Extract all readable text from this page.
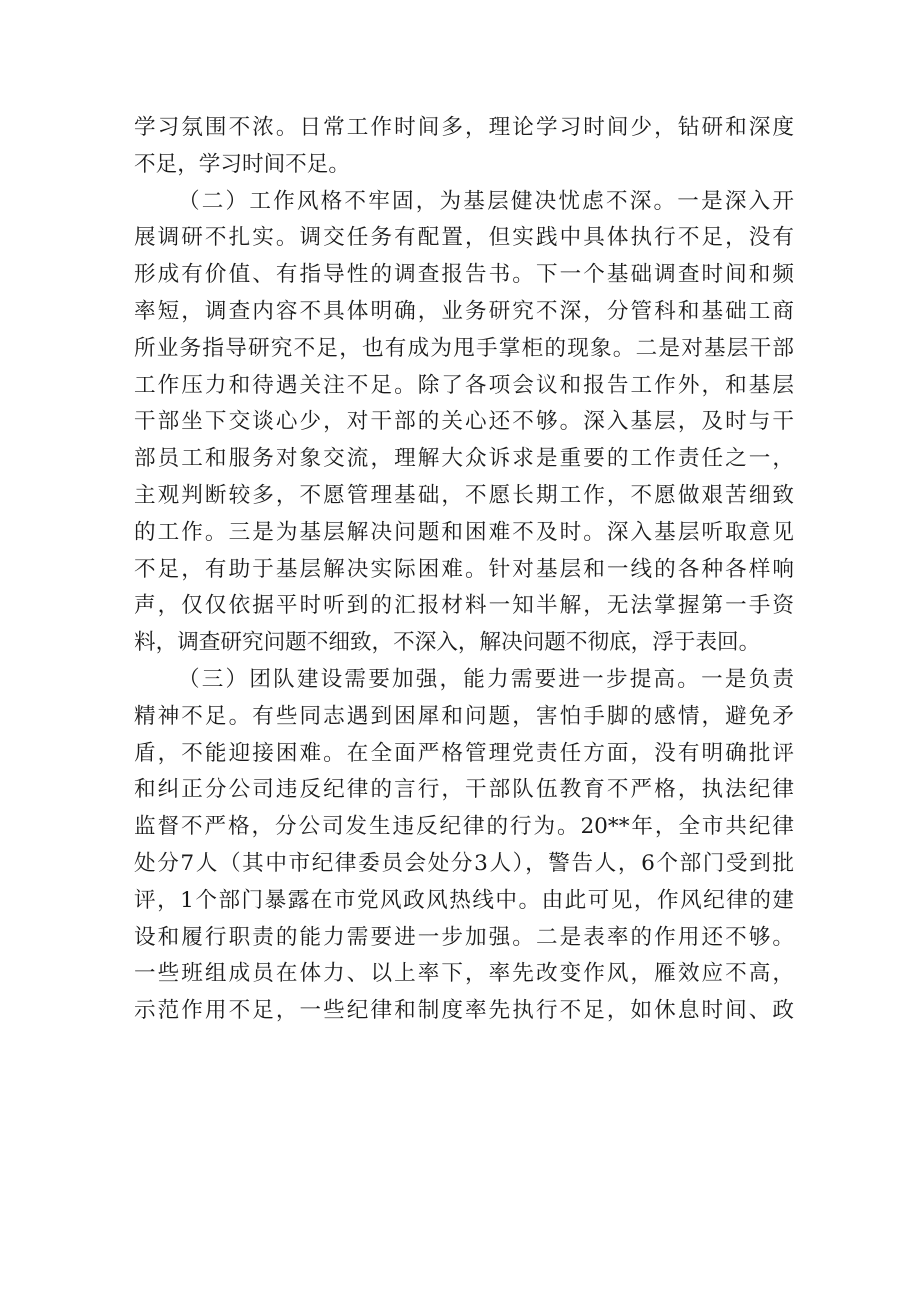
学习氛围不浓。日常工作时间多，理论学习时间少，钻研和深度
不足，学习时间不足。
（二）工作风格不牢固，为基层健决忧虑不深。一是深入开
展调研不扎实。调交任务有配置，但实践中具体执行不足，没有
形成有价值、有指导性的调查报告书。下一个基础调查时间和频
率短，调查内容不具体明确，业务研究不深，分管科和基础工商
所业务指导研究不足，也有成为甩手掌柜的现象。二是对基层干部
工作压力和待遇关注不足。除了各项会议和报告工作外，和基层
干部坐下交谈心少，对干部的关心还不够。深入基层，及时与干
部员工和服务对象交流，理解大众诉求是重要的工作责任之一，
主观判断较多，不愿管理基础，不愿长期工作，不愿做艰苦细致
的工作。三是为基层解决问题和困难不及时。深入基层听取意见
不足，有助于基层解决实际困难。针对基层和一线的各种各样响
声，仅仅依据平时听到的汇报材料一知半解，无法掌握第一手资
料，调查研究问题不细致，不深入，解决问题不彻底，浮于表回。
（三）团队建设需要加强，能力需要进一步提高。一是负责
精神不足。有些同志遇到困犀和问题，害怕手脚的感情，避免矛
盾，不能迎接困难。在全面严格管理党责任方面，没有明确批评
和纠正分公司违反纪律的言行，干部队伍教育不严格，执法纪律
监督不严格，分公司发生违反纪律的行为。20**年，全市共纪律
处分7人（其中市纪律委员会处分3人），警告人，6个部门受到批
评，1个部门暴露在市党风政风热线中。由此可见，作风纪律的建
设和履行职责的能力需要进一步加强。二是表率的作用还不够。
一些班组成员在体力、以上率下，率先改变作风，雁效应不高，
示范作用不足，一些纪律和制度率先执行不足，如休息时间、政
